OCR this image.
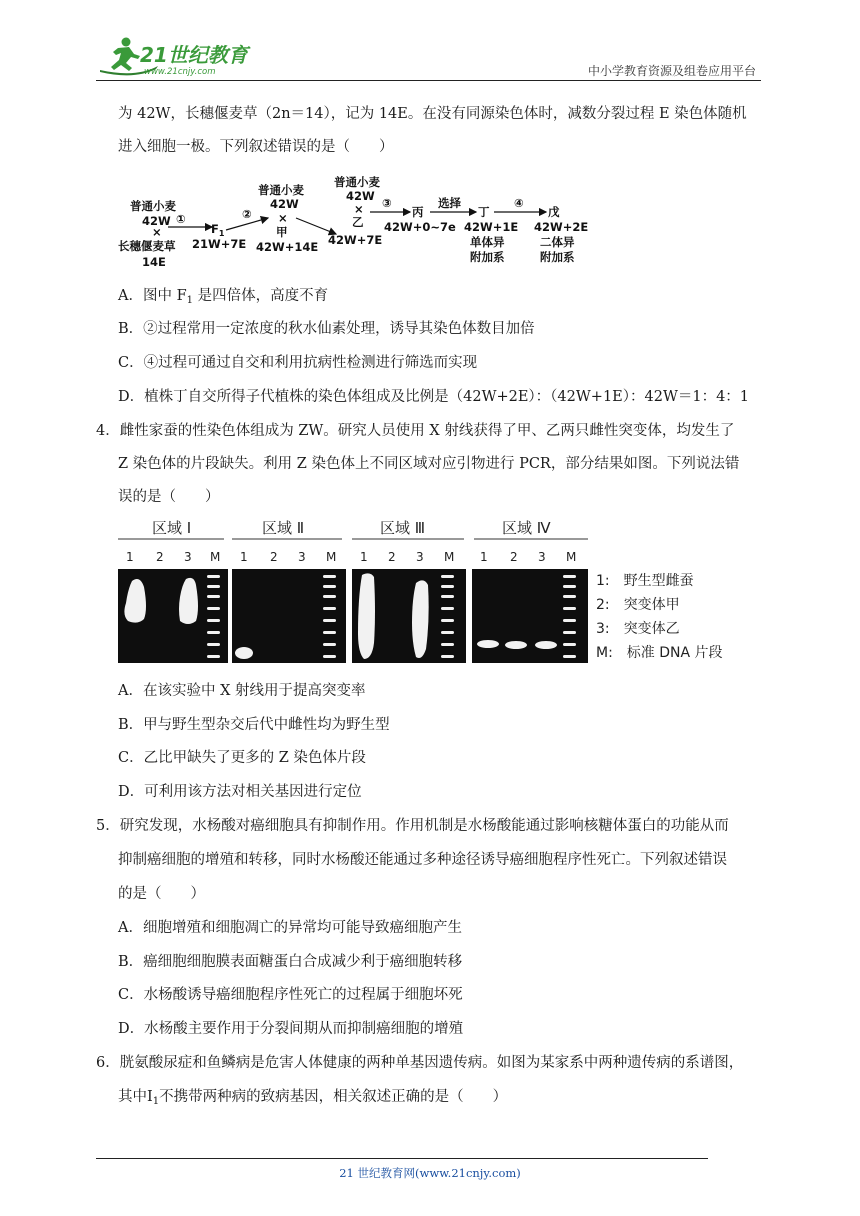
21世纪教育
www.21cnjy.com	中小学教育资源及组卷应用平台
为 42W，长穗偃麦草（2n＝14），记为 14E。在没有同源染色体时，减数分裂过程 E 染色体随机
进入细胞一极。下列叙述错误的是（　　）
普通小麦
42W
×
长穗偃麦草
14E
①
$F_1$
21W+7E
②
普通小麦
42W
×
甲
42W+14E
普通小麦
42W
×
乙
42W+7E
③
丙
42W+0~7e
选择
丁
42W+1E
单体异
附加系
④
戊
42W+2E
二体异
附加系
A．图中 $F_1$ 是四倍体，高度不育
B．②过程常用一定浓度的秋水仙素处理，诱导其染色体数目加倍
C．④过程可通过自交和利用抗病性检测进行筛选而实现
D．植株丁自交所得子代植株的染色体组成及比例是（42W+2E）：（42W+1E）：42W＝1：4：1
4．雌性家蚕的性染色体组成为 ZW。研究人员使用 X 射线获得了甲、乙两只雌性突变体，均发生了
Z 染色体的片段缺失。利用 Z 染色体上不同区域对应引物进行 PCR，部分结果如图。下列说法错
误的是（　　）
区域 Ⅰ	区域 Ⅱ	区域 Ⅲ	区域 Ⅳ
1 2 3 M 1 2 3 M 1 2 3 M 1 2 3 M
1:　野生型雌蚕
2:　突变体甲
3:　突变体乙
M:　标准 DNA 片段
A．在该实验中 X 射线用于提高突变率
B．甲与野生型杂交后代中雌性均为野生型
C．乙比甲缺失了更多的 Z 染色体片段
D．可利用该方法对相关基因进行定位
5．研究发现，水杨酸对癌细胞具有抑制作用。作用机制是水杨酸能通过影响核糖体蛋白的功能从而
抑制癌细胞的增殖和转移，同时水杨酸还能通过多种途径诱导癌细胞程序性死亡。下列叙述错误
的是（　　）
A．细胞增殖和细胞凋亡的异常均可能导致癌细胞产生
B．癌细胞细胞膜表面糖蛋白合成减少利于癌细胞转移
C．水杨酸诱导癌细胞程序性死亡的过程属于细胞坏死
D．水杨酸主要作用于分裂间期从而抑制癌细胞的增殖
6．胱氨酸尿症和鱼鳞病是危害人体健康的两种单基因遗传病。如图为某家系中两种遗传病的系谱图，
其中$Ⅰ_1$不携带两种病的致病基因，相关叙述正确的是（　　）
21 世纪教育网(www.21cnjy.com)
